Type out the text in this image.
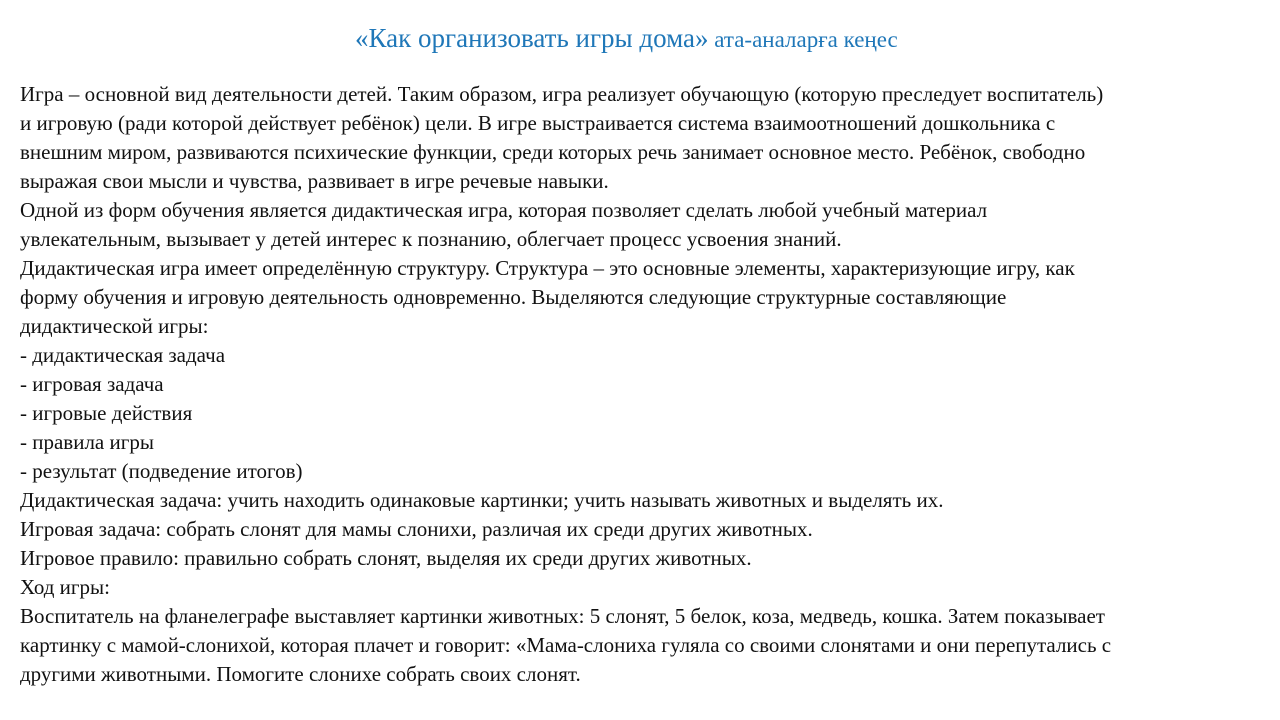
«Как организовать игры дома» ата-аналарға кеңес
Игра – основной вид деятельности детей. Таким образом, игра реализует обучающую (которую преследует воспитатель)
и игровую (ради которой действует ребёнок) цели. В игре выстраивается система взаимоотношений дошкольника с
внешним миром, развиваются психические функции, среди которых речь занимает основное место. Ребёнок, свободно
выражая свои мысли и чувства, развивает в игре речевые навыки.
Одной из форм обучения является дидактическая игра, которая позволяет сделать любой учебный материал
увлекательным, вызывает у детей интерес к познанию, облегчает процесс усвоения знаний.
Дидактическая игра имеет определённую структуру. Структура – это основные элементы, характеризующие игру, как
форму обучения и игровую деятельность одновременно. Выделяются следующие структурные составляющие
дидактической игры:
- дидактическая задача
- игровая задача
- игровые действия
- правила игры
- результат (подведение итогов)
Дидактическая задача: учить находить одинаковые картинки; учить называть животных и выделять их.
Игровая задача: собрать слонят для мамы слонихи, различая их среди других животных.
Игровое правило: правильно собрать слонят, выделяя их среди других животных.
Ход игры:
Воспитатель на фланелеграфе выставляет картинки животных: 5 слонят, 5 белок, коза, медведь, кошка. Затем показывает
картинку с мамой-слонихой, которая плачет и говорит: «Мама-слониха гуляла со своими слонятами и они перепутались с
другими животными. Помогите слонихе собрать своих слонят.
